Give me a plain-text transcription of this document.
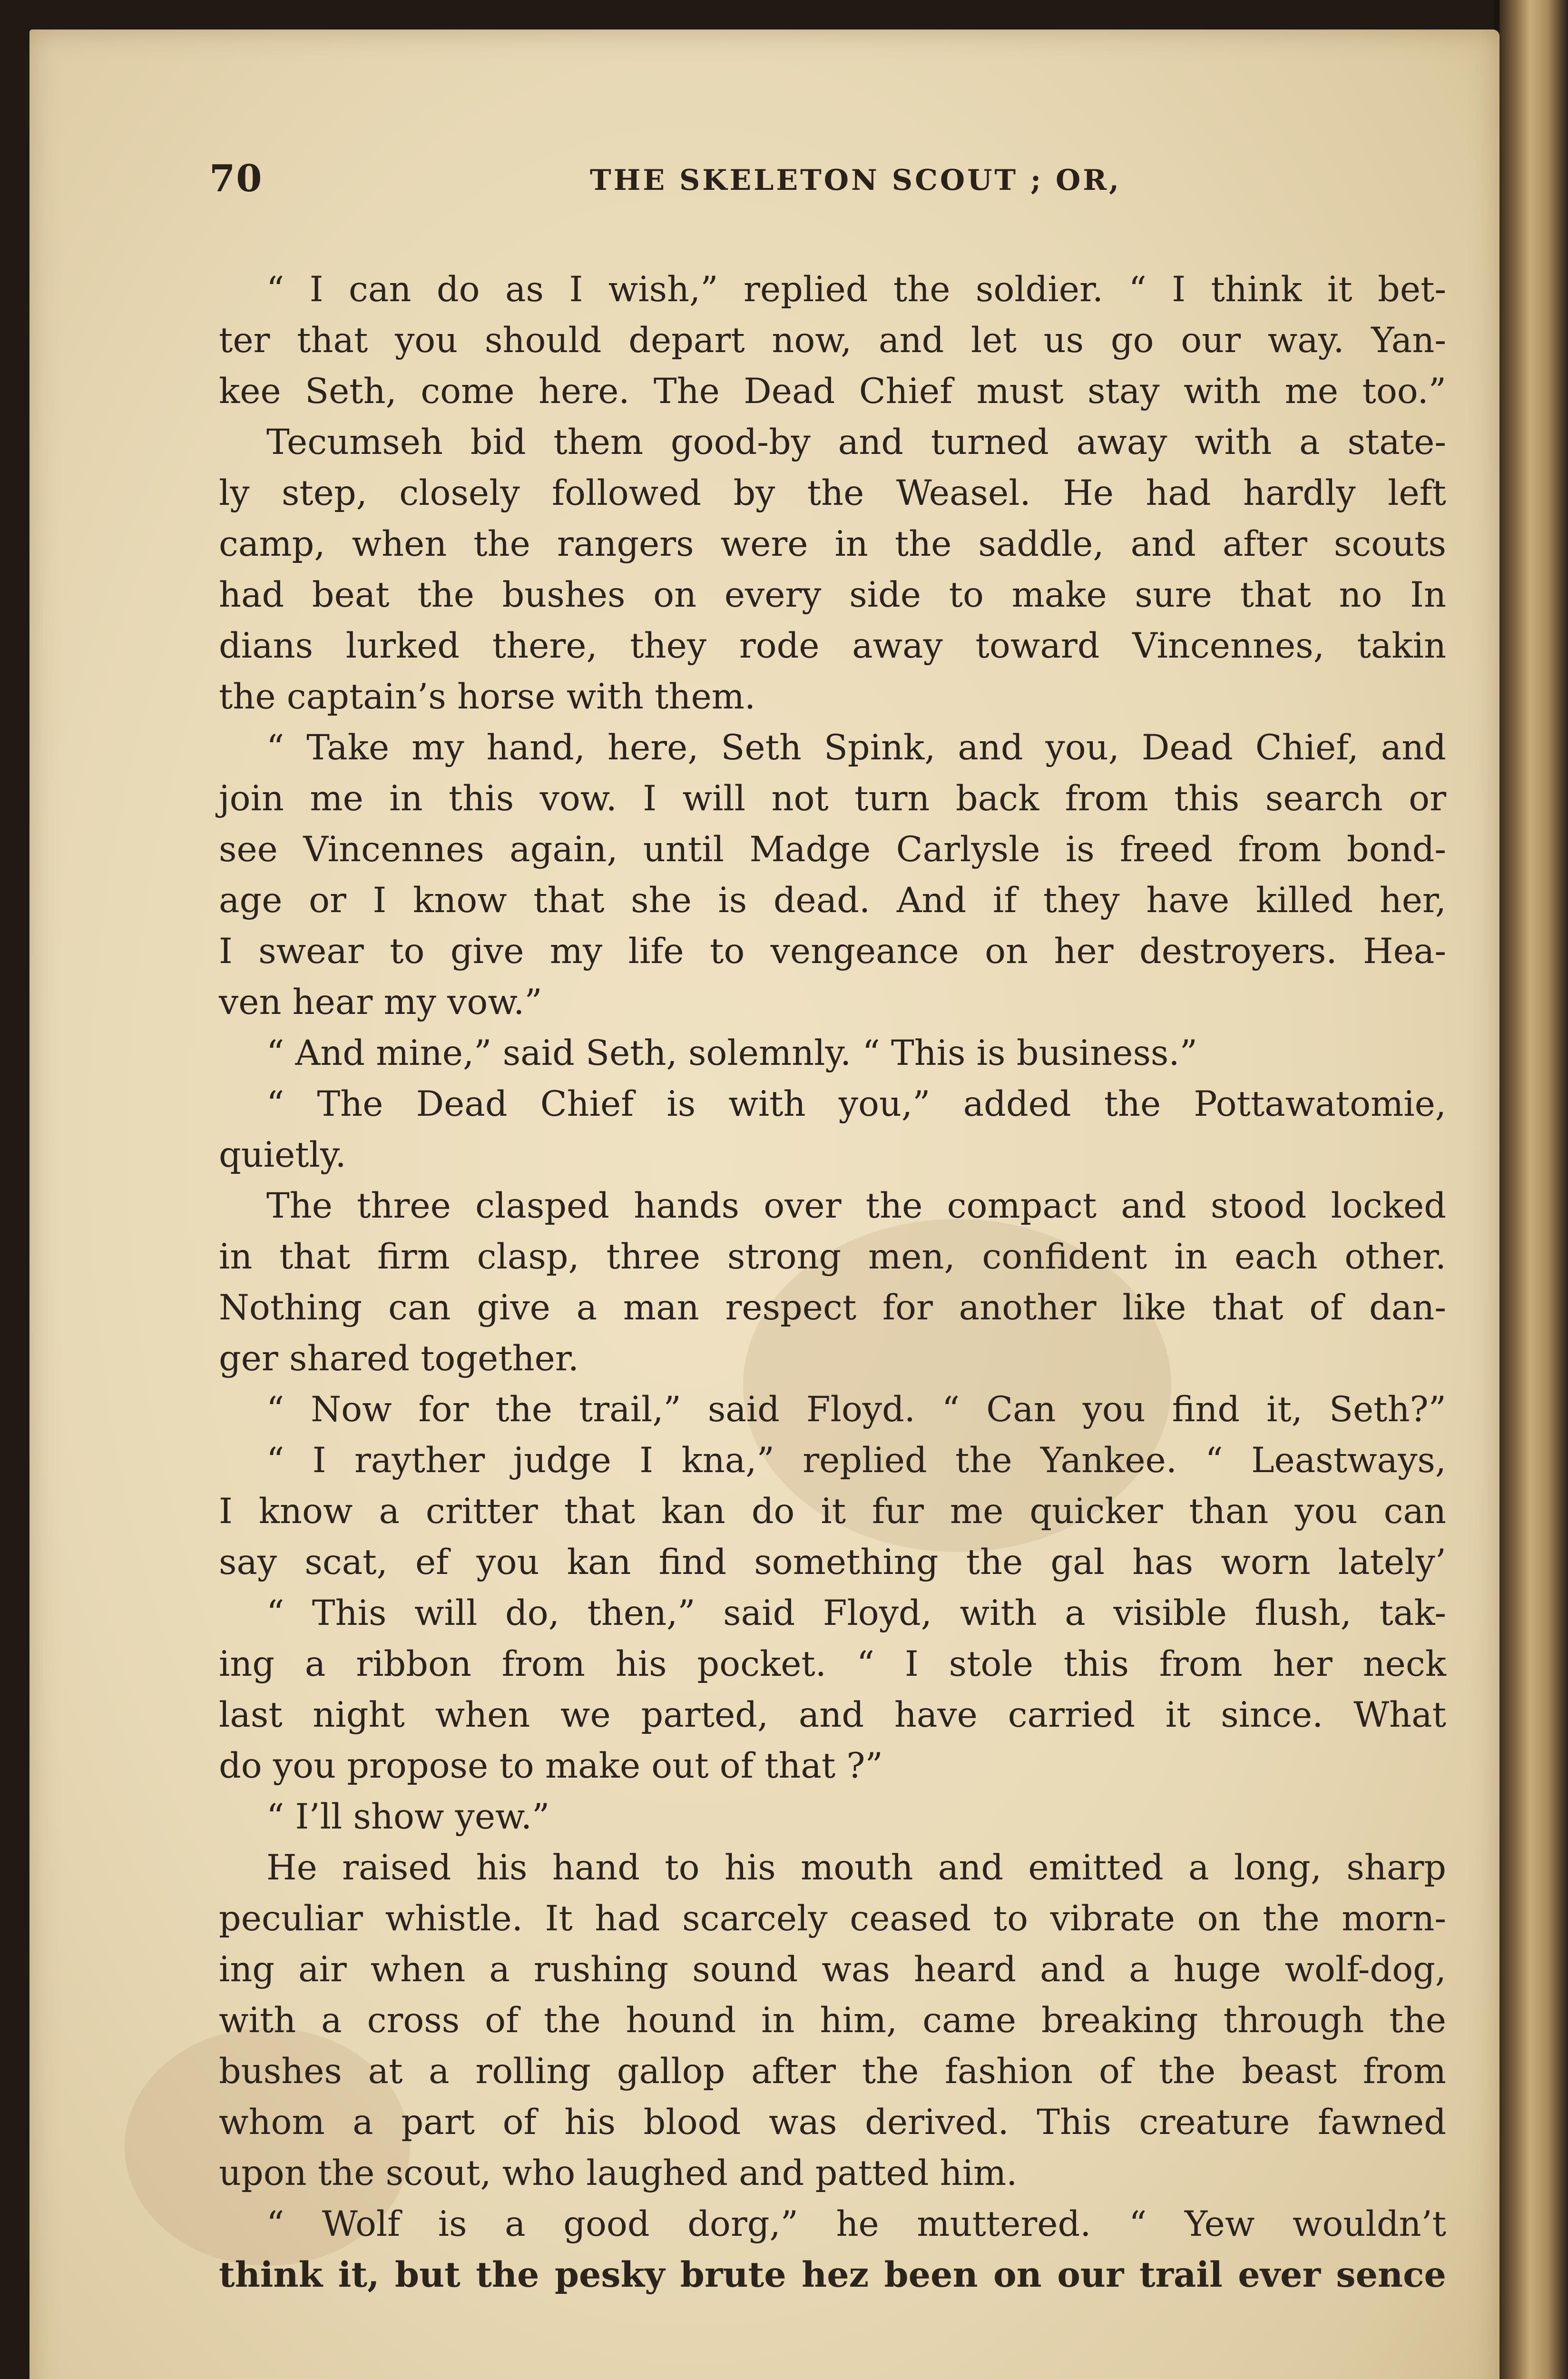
70	THE SKELETON SCOUT ; OR,
“ I can do as I wish,” replied the soldier. “ I think it bet-
ter that you should depart now, and let us go our way. Yan-
kee Seth, come here. The Dead Chief must stay with me too.”
Tecumseh bid them good-by and turned away with a state-
ly step, closely followed by the Weasel. He had hardly left
camp, when the rangers were in the saddle, and after scouts
had beat the bushes on every side to make sure that no In
dians lurked there, they rode away toward Vincennes, takin
the captain’s horse with them.
“ Take my hand, here, Seth Spink, and you, Dead Chief, and
join me in this vow. I will not turn back from this search or
see Vincennes again, until Madge Carlysle is freed from bond-
age or I know that she is dead. And if they have killed her,
I swear to give my life to vengeance on her destroyers. Hea-
ven hear my vow.”
“ And mine,” said Seth, solemnly. “ This is business.”
“ The Dead Chief is with you,” added the Pottawatomie,
quietly.
The three clasped hands over the compact and stood locked
in that firm clasp, three strong men, confident in each other.
Nothing can give a man respect for another like that of dan-
ger shared together.
“ Now for the trail,” said Floyd. “ Can you find it, Seth?”
“ I rayther judge I kna,” replied the Yankee. “ Leastways,
I know a critter that kan do it fur me quicker than you can
say scat, ef you kan find something the gal has worn lately’
“ This will do, then,” said Floyd, with a visible flush, tak-
ing a ribbon from his pocket. “ I stole this from her neck
last night when we parted, and have carried it since. What
do you propose to make out of that ?”
“ I’ll show yew.”
He raised his hand to his mouth and emitted a long, sharp
peculiar whistle. It had scarcely ceased to vibrate on the morn-
ing air when a rushing sound was heard and a huge wolf-dog,
with a cross of the hound in him, came breaking through the
bushes at a rolling gallop after the fashion of the beast from
whom a part of his blood was derived. This creature fawned
upon the scout, who laughed and patted him.
“ Wolf is a good dorg,” he muttered. “ Yew wouldn’t
think it, but the pesky brute hez been on our trail ever sence
